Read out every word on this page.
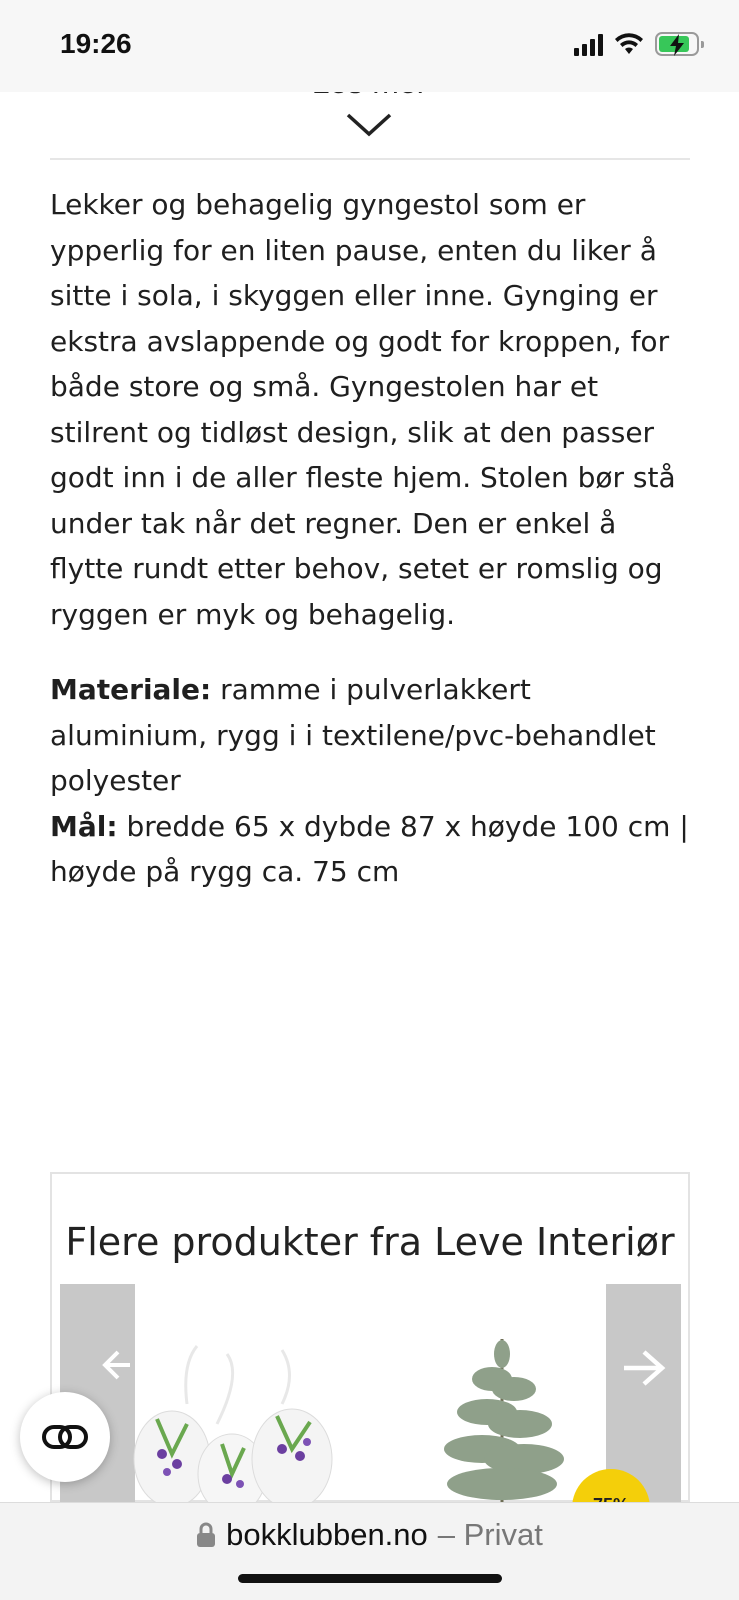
19:26

Lekker og behagelig gyngestol som er ypperlig for en liten pause, enten du liker å sitte i sola, i skyggen eller inne. Gynging er ekstra avslappende og godt for kroppen, for både store og små. Gyngestolen har et stilrent og tidløst design, slik at den passer godt inn i de aller fleste hjem. Stolen bør stå under tak når det regner. Den er enkel å flytte rundt etter behov, setet er romslig og ryggen er myk og behagelig.

Materiale: ramme i pulverlakkert aluminium, rygg i i textilene/pvc-behandlet polyester
Mål: bredde 65 x dybde 87 x høyde 100 cm | høyde på rygg ca. 75 cm
Flere produkter fra Leve Interiør
bokklubben.no – Privat
